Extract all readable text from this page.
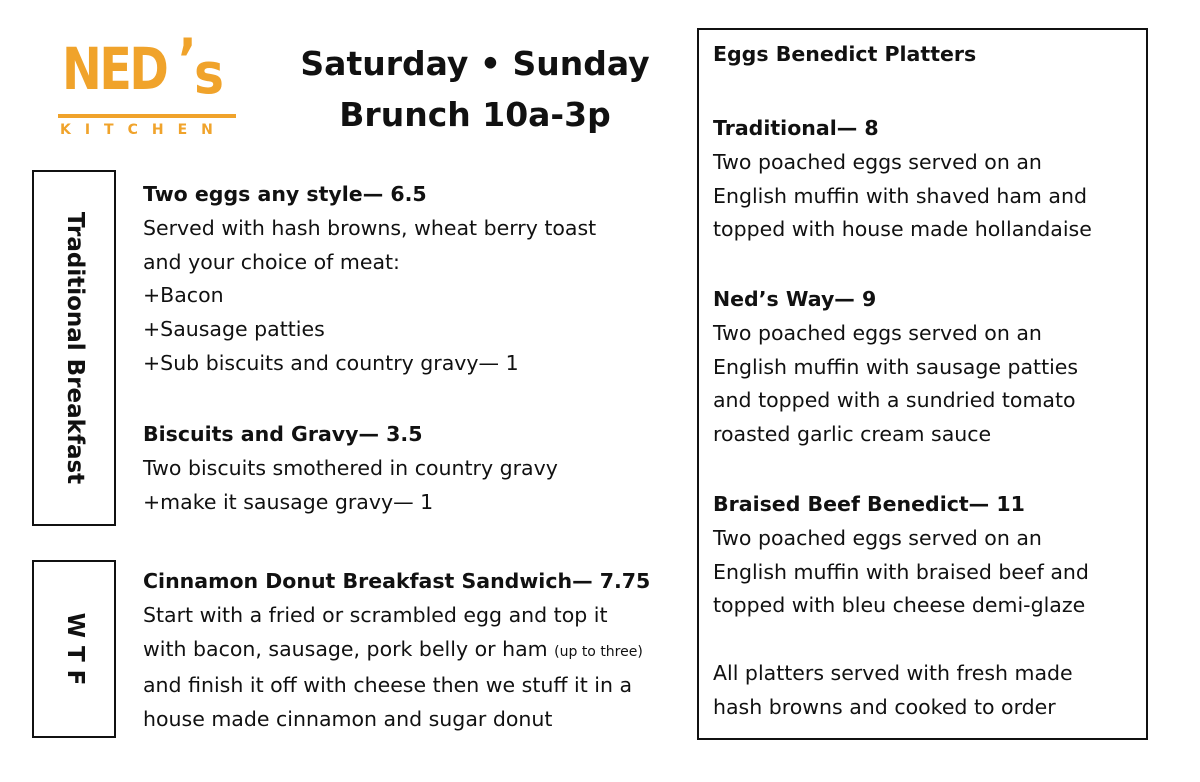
NED ’
s
KITCHEN
Saturday • Sunday
Brunch 10a-3p
Traditional Breakfast
W T F
Two eggs any style— 6.5
Served with hash browns, wheat berry toast
and your choice of meat:
+Bacon
+Sausage patties
+Sub biscuits and country gravy— 1
Biscuits and Gravy— 3.5
Two biscuits smothered in country gravy
+make it sausage gravy— 1
Cinnamon Donut Breakfast Sandwich— 7.75
Start with a fried or scrambled egg and top it
with bacon, sausage, pork belly or ham (up to three)
and finish it off with cheese then we stuff it in a
house made cinnamon and sugar donut
Eggs Benedict Platters
Traditional— 8
Two poached eggs served on an
English muffin with shaved ham and
topped with house made hollandaise
Ned’s Way— 9
Two poached eggs served on an
English muffin with sausage patties
and topped with a sundried tomato
roasted garlic cream sauce
Braised Beef Benedict— 11
Two poached eggs served on an
English muffin with braised beef and
topped with bleu cheese demi-glaze
All platters served with fresh made
hash browns and cooked to order
